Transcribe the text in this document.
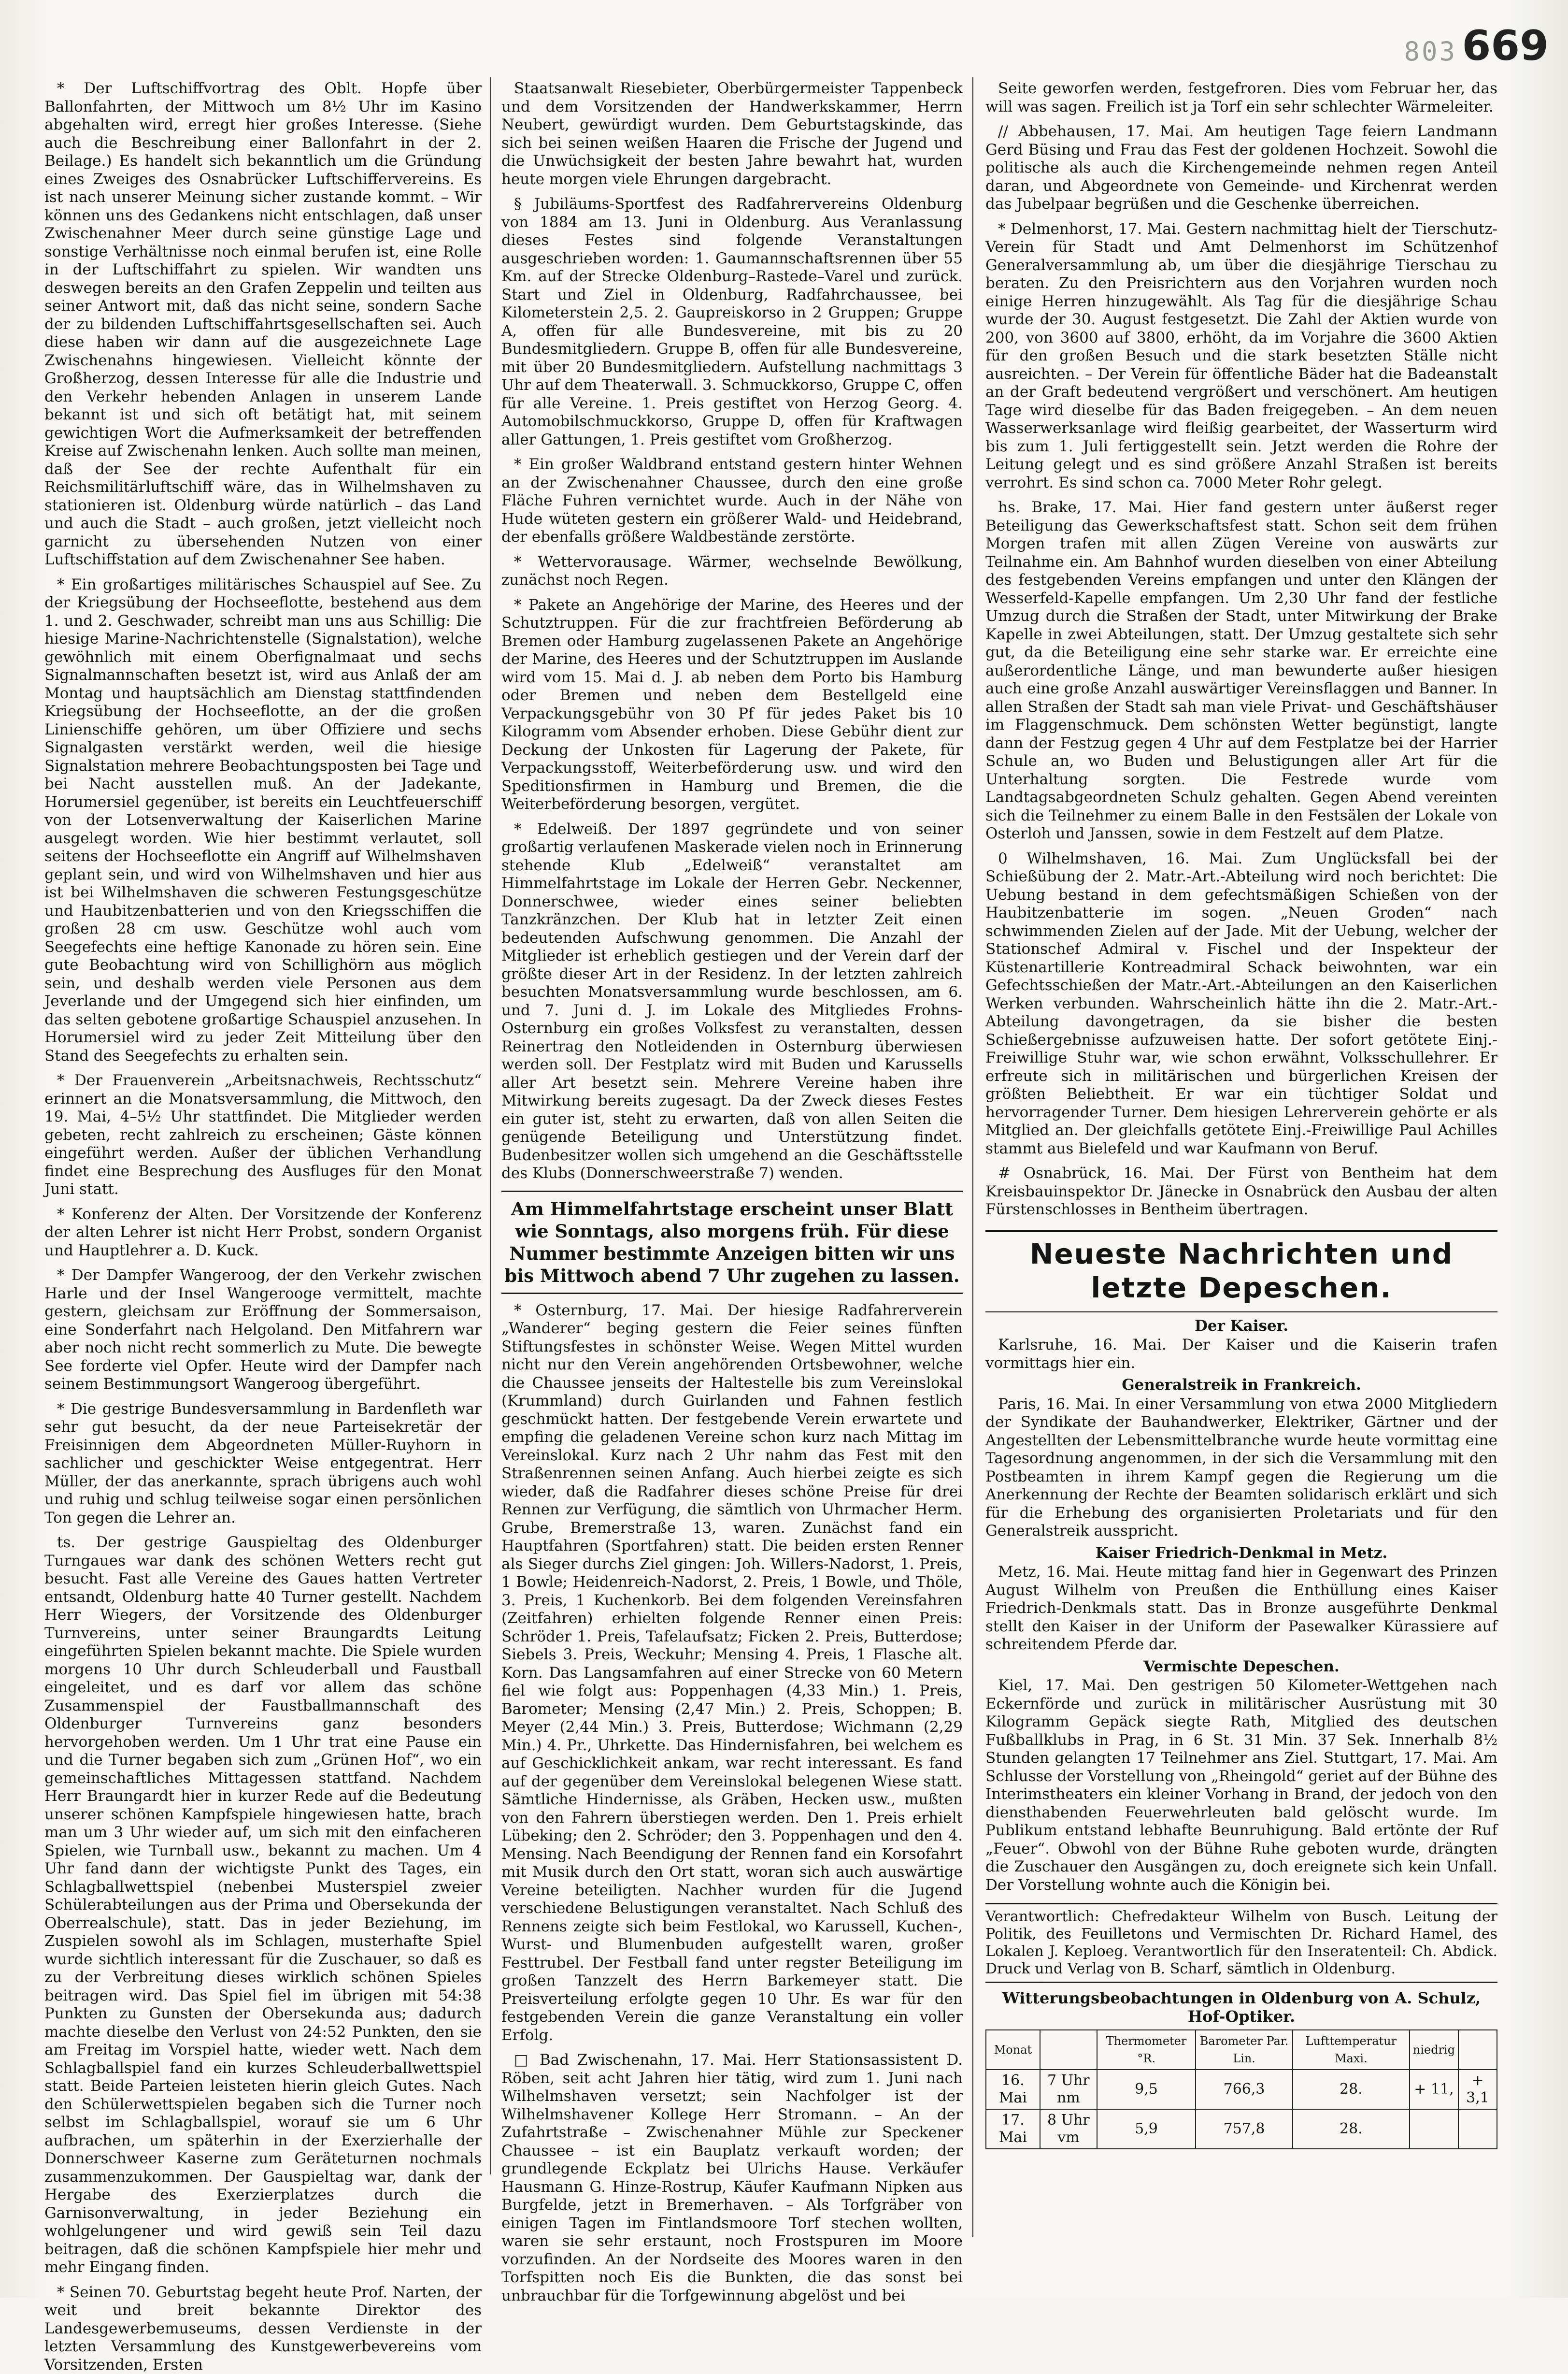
803 669

* Der Luftschiffvortrag des Oblt. Hopfe über Ballonfahrten, der Mittwoch um 8½ Uhr im Kasino abgehalten wird, erregt hier großes Interesse. (Siehe auch die Beschreibung einer Ballonfahrt in der 2. Beilage.) Es handelt sich bekanntlich um die Gründung eines Zweiges des Osnabrücker Luftschiffervereins. Es ist nach unserer Meinung sicher zustande kommt. – Wir können uns des Gedankens nicht entschlagen, daß unser Zwischenahner Meer durch seine günstige Lage und sonstige Verhältnisse noch einmal berufen ist, eine Rolle in der Luftschiffahrt zu spielen. Wir wandten uns deswegen bereits an den Grafen Zeppelin und teilten aus seiner Antwort mit, daß das nicht seine, sondern Sache der zu bildenden Luftschiffahrtsgesellschaften sei. Auch diese haben wir dann auf die ausgezeichnete Lage Zwischenahns hingewiesen. Vielleicht könnte der Großherzog, dessen Interesse für alle die Industrie und den Verkehr hebenden Anlagen in unserem Lande bekannt ist und sich oft betätigt hat, mit seinem gewichtigen Wort die Aufmerksamkeit der betreffenden Kreise auf Zwischenahn lenken. Auch sollte man meinen, daß der See der rechte Aufenthalt für ein Reichsmilitärluftschiff wäre, das in Wilhelmshaven zu stationieren ist. Oldenburg würde natürlich – das Land und auch die Stadt – auch großen, jetzt vielleicht noch garnicht zu übersehenden Nutzen von einer Luftschiffstation auf dem Zwischenahner See haben.

* Ein großartiges militärisches Schauspiel auf See. Zu der Kriegsübung der Hochseeflotte, bestehend aus dem 1. und 2. Geschwader, schreibt man uns aus Schillig: Die hiesige Marine-Nachrichtenstelle (Signalstation), welche gewöhnlich mit einem Oberfignalmaat und sechs Signalmannschaften besetzt ist, wird aus Anlaß der am Montag und hauptsächlich am Dienstag stattfindenden Kriegsübung der Hochseeflotte, an der die großen Linienschiffe gehören, um über Offiziere und sechs Signalgasten verstärkt werden, weil die hiesige Signalstation mehrere Beobachtungsposten bei Tage und bei Nacht ausstellen muß. An der Jadekante, Horumersiel gegenüber, ist bereits ein Leuchtfeuerschiff von der Lotsenverwaltung der Kaiserlichen Marine ausgelegt worden. Wie hier bestimmt verlautet, soll seitens der Hochseeflotte ein Angriff auf Wilhelmshaven geplant sein, und wird von Wilhelmshaven und hier aus ist bei Wilhelmshaven die schweren Festungsgeschütze und Haubitzenbatterien und von den Kriegsschiffen die großen 28 cm usw. Geschütze wohl auch vom Seegefechts eine heftige Kanonade zu hören sein. Eine gute Beobachtung wird von Schillighörn aus möglich sein, und deshalb werden viele Personen aus dem Jeverlande und der Umgegend sich hier einfinden, um das selten gebotene großartige Schauspiel anzusehen. In Horumersiel wird zu jeder Zeit Mitteilung über den Stand des Seegefechts zu erhalten sein.

* Der Frauenverein „Arbeitsnachweis, Rechtsschutz“ erinnert an die Monatsversammlung, die Mittwoch, den 19. Mai, 4–5½ Uhr stattfindet. Die Mitglieder werden gebeten, recht zahlreich zu erscheinen; Gäste können eingeführt werden. Außer der üblichen Verhandlung findet eine Besprechung des Ausfluges für den Monat Juni statt.

* Konferenz der Alten. Der Vorsitzende der Konferenz der alten Lehrer ist nicht Herr Probst, sondern Organist und Hauptlehrer a. D. Kuck.

* Der Dampfer Wangeroog, der den Verkehr zwischen Harle und der Insel Wangerooge vermittelt, machte gestern, gleichsam zur Eröffnung der Sommersaison, eine Sonderfahrt nach Helgoland. Den Mitfahrern war aber noch nicht recht sommerlich zu Mute. Die bewegte See forderte viel Opfer. Heute wird der Dampfer nach seinem Bestimmungsort Wangeroog übergeführt.

* Die gestrige Bundesversammlung in Bardenfleth war sehr gut besucht, da der neue Parteisekretär der Freisinnigen dem Abgeordneten Müller-Ruyhorn in sachlicher und geschickter Weise entgegentrat. Herr Müller, der das anerkannte, sprach übrigens auch wohl und ruhig und schlug teilweise sogar einen persönlichen Ton gegen die Lehrer an.

ts. Der gestrige Gauspieltag des Oldenburger Turngaues war dank des schönen Wetters recht gut besucht. Fast alle Vereine des Gaues hatten Vertreter entsandt, Oldenburg hatte 40 Turner gestellt. Nachdem Herr Wiegers, der Vorsitzende des Oldenburger Turnvereins, unter seiner Braungardts Leitung eingeführten Spielen bekannt machte. Die Spiele wurden morgens 10 Uhr durch Schleuderball und Faustball eingeleitet, und es darf vor allem das schöne Zusammenspiel der Faustballmannschaft des Oldenburger Turnvereins ganz besonders hervorgehoben werden. Um 1 Uhr trat eine Pause ein und die Turner begaben sich zum „Grünen Hof“, wo ein gemeinschaftliches Mittagessen stattfand. Nachdem Herr Braungardt hier in kurzer Rede auf die Bedeutung unserer schönen Kampfspiele hingewiesen hatte, brach man um 3 Uhr wieder auf, um sich mit den einfacheren Spielen, wie Turnball usw., bekannt zu machen. Um 4 Uhr fand dann der wichtigste Punkt des Tages, ein Schlagballwettspiel (nebenbei Musterspiel zweier Schülerabteilungen aus der Prima und Obersekunda der Oberrealschule), statt. Das in jeder Beziehung, im Zuspielen sowohl als im Schlagen, musterhafte Spiel wurde sichtlich interessant für die Zuschauer, so daß es zu der Verbreitung dieses wirklich schönen Spieles beitragen wird. Das Spiel fiel im übrigen mit 54:38 Punkten zu Gunsten der Obersekunda aus; dadurch machte dieselbe den Verlust von 24:52 Punkten, den sie am Freitag im Vorspiel hatte, wieder wett. Nach dem Schlagballspiel fand ein kurzes Schleuderballwettspiel statt. Beide Parteien leisteten hierin gleich Gutes. Nach den Schülerwettspielen begaben sich die Turner noch selbst im Schlagballspiel, worauf sie um 6 Uhr aufbrachen, um späterhin in der Exerzierhalle der Donnerschweer Kaserne zum Geräteturnen nochmals zusammenzukommen. Der Gauspieltag war, dank der Hergabe des Exerzierplatzes durch die Garnisonverwaltung, in jeder Beziehung ein wohlgelungener und wird gewiß sein Teil dazu beitragen, daß die schönen Kampfspiele hier mehr und mehr Eingang finden.

* Seinen 70. Geburtstag begeht heute Prof. Narten, der weit und breit bekannte Direktor des Landesgewerbemuseums, dessen Verdienste in der letzten Versammlung des Kunstgewerbevereins vom Vorsitzenden, Ersten

Staatsanwalt Riesebieter, Oberbürgermeister Tappenbeck und dem Vorsitzenden der Handwerkskammer, Herrn Neubert, gewürdigt wurden. Dem Geburtstagskinde, das sich bei seinen weißen Haaren die Frische der Jugend und die Unwüchsigkeit der besten Jahre bewahrt hat, wurden heute morgen viele Ehrungen dargebracht.

§ Jubiläums-Sportfest des Radfahrervereins Oldenburg von 1884 am 13. Juni in Oldenburg. Aus Veranlassung dieses Festes sind folgende Veranstaltungen ausgeschrieben worden: 1. Gaumannschaftsrennen über 55 Km. auf der Strecke Oldenburg–Rastede–Varel und zurück. Start und Ziel in Oldenburg, Radfahrchaussee, bei Kilometerstein 2,5. 2. Gaupreiskorso in 2 Gruppen; Gruppe A, offen für alle Bundesvereine, mit bis zu 20 Bundesmitgliedern. Gruppe B, offen für alle Bundesvereine, mit über 20 Bundesmitgliedern. Aufstellung nachmittags 3 Uhr auf dem Theaterwall. 3. Schmuckkorso, Gruppe C, offen für alle Vereine. 1. Preis gestiftet von Herzog Georg. 4. Automobilschmuckkorso, Gruppe D, offen für Kraftwagen aller Gattungen, 1. Preis gestiftet vom Großherzog.

* Ein großer Waldbrand entstand gestern hinter Wehnen an der Zwischenahner Chaussee, durch den eine große Fläche Fuhren vernichtet wurde. Auch in der Nähe von Hude wüteten gestern ein größerer Wald- und Heidebrand, der ebenfalls größere Waldbestände zerstörte.

* Wettervorausage. Wärmer, wechselnde Bewölkung, zunächst noch Regen.

* Pakete an Angehörige der Marine, des Heeres und der Schutztruppen. Für die zur frachtfreien Beförderung ab Bremen oder Hamburg zugelassenen Pakete an Angehörige der Marine, des Heeres und der Schutztruppen im Auslande wird vom 15. Mai d. J. ab neben dem Porto bis Hamburg oder Bremen und neben dem Bestellgeld eine Verpackungsgebühr von 30 Pf für jedes Paket bis 10 Kilogramm vom Absender erhoben. Diese Gebühr dient zur Deckung der Unkosten für Lagerung der Pakete, für Verpackungsstoff, Weiterbeförderung usw. und wird den Speditionsfirmen in Hamburg und Bremen, die die Weiterbeförderung besorgen, vergütet.

* Edelweiß. Der 1897 gegründete und von seiner großartig verlaufenen Maskerade vielen noch in Erinnerung stehende Klub „Edelweiß“ veranstaltet am Himmelfahrtstage im Lokale der Herren Gebr. Neckenner, Donnerschwee, wieder eines seiner beliebten Tanzkränzchen. Der Klub hat in letzter Zeit einen bedeutenden Aufschwung genommen. Die Anzahl der Mitglieder ist erheblich gestiegen und der Verein darf der größte dieser Art in der Residenz. In der letzten zahlreich besuchten Monatsversammlung wurde beschlossen, am 6. und 7. Juni d. J. im Lokale des Mitgliedes Frohns-Osternburg ein großes Volksfest zu veranstalten, dessen Reinertrag den Notleidenden in Osternburg überwiesen werden soll. Der Festplatz wird mit Buden und Karussells aller Art besetzt sein. Mehrere Vereine haben ihre Mitwirkung bereits zugesagt. Da der Zweck dieses Festes ein guter ist, steht zu erwarten, daß von allen Seiten die genügende Beteiligung und Unterstützung findet. Budenbesitzer wollen sich umgehend an die Geschäftsstelle des Klubs (Donnerschweerstraße 7) wenden.

Am Himmelfahrtstage erscheint unser Blatt wie Sonntags, also morgens früh. Für diese Nummer bestimmte Anzeigen bitten wir uns bis Mittwoch abend 7 Uhr zugehen zu lassen.

* Osternburg, 17. Mai. Der hiesige Radfahrerverein „Wanderer“ beging gestern die Feier seines fünften Stiftungsfestes in schönster Weise. Wegen Mittel wurden nicht nur den Verein angehörenden Ortsbewohner, welche die Chaussee jenseits der Haltestelle bis zum Vereinslokal (Krummland) durch Guirlanden und Fahnen festlich geschmückt hatten. Der festgebende Verein erwartete und empfing die geladenen Vereine schon kurz nach Mittag im Vereinslokal. Kurz nach 2 Uhr nahm das Fest mit den Straßenrennen seinen Anfang. Auch hierbei zeigte es sich wieder, daß die Radfahrer dieses schöne Preise für drei Rennen zur Verfügung, die sämtlich von Uhrmacher Herm. Grube, Bremerstraße 13, waren. Zunächst fand ein Hauptfahren (Sportfahren) statt. Die beiden ersten Renner als Sieger durchs Ziel gingen: Joh. Willers-Nadorst, 1. Preis, 1 Bowle; Heidenreich-Nadorst, 2. Preis, 1 Bowle, und Thöle, 3. Preis, 1 Kuchenkorb. Bei dem folgenden Vereinsfahren (Zeitfahren) erhielten folgende Renner einen Preis: Schröder 1. Preis, Tafelaufsatz; Ficken 2. Preis, Butterdose; Siebels 3. Preis, Weckuhr; Mensing 4. Preis, 1 Flasche alt. Korn. Das Langsamfahren auf einer Strecke von 60 Metern fiel wie folgt aus: Poppenhagen (4,33 Min.) 1. Preis, Barometer; Mensing (2,47 Min.) 2. Preis, Schoppen; B. Meyer (2,44 Min.) 3. Preis, Butterdose; Wichmann (2,29 Min.) 4. Pr., Uhrkette. Das Hindernisfahren, bei welchem es auf Geschicklichkeit ankam, war recht interessant. Es fand auf der gegenüber dem Vereinslokal belegenen Wiese statt. Sämtliche Hindernisse, als Gräben, Hecken usw., mußten von den Fahrern überstiegen werden. Den 1. Preis erhielt Lübeking; den 2. Schröder; den 3. Poppenhagen und den 4. Mensing. Nach Beendigung der Rennen fand ein Korsofahrt mit Musik durch den Ort statt, woran sich auch auswärtige Vereine beteiligten. Nachher wurden für die Jugend verschiedene Belustigungen veranstaltet. Nach Schluß des Rennens zeigte sich beim Festlokal, wo Karussell, Kuchen-, Wurst- und Blumenbuden aufgestellt waren, großer Festtrubel. Der Festball fand unter regster Beteiligung im großen Tanzzelt des Herrn Barkemeyer statt. Die Preisverteilung erfolgte gegen 10 Uhr. Es war für den festgebenden Verein die ganze Veranstaltung ein voller Erfolg.

□ Bad Zwischenahn, 17. Mai. Herr Stationsassistent D. Röben, seit acht Jahren hier tätig, wird zum 1. Juni nach Wilhelmshaven versetzt; sein Nachfolger ist der Wilhelmshavener Kollege Herr Stromann. – An der Zufahrtstraße – Zwischenahner Mühle zur Speckener Chaussee – ist ein Bauplatz verkauft worden; der grundlegende Eckplatz bei Ulrichs Hause. Verkäufer Hausmann G. Hinze-Rostrup, Käufer Kaufmann Nipken aus Burgfelde, jetzt in Bremerhaven. – Als Torfgräber von einigen Tagen im Fintlandsmoore Torf stechen wollten, waren sie sehr erstaunt, noch Frostspuren im Moore vorzufinden. An der Nordseite des Moores waren in den Torfspitten noch Eis die Bunkten, die das sonst bei unbrauchbar für die Torfgewinnung abgelöst und bei

Seite geworfen werden, festgefroren. Dies vom Februar her, das will was sagen. Freilich ist ja Torf ein sehr schlechter Wärmeleiter.

// Abbehausen, 17. Mai. Am heutigen Tage feiern Landmann Gerd Büsing und Frau das Fest der goldenen Hochzeit. Sowohl die politische als auch die Kirchengemeinde nehmen regen Anteil daran, und Abgeordnete von Gemeinde- und Kirchenrat werden das Jubelpaar begrüßen und die Geschenke überreichen.

* Delmenhorst, 17. Mai. Gestern nachmittag hielt der Tierschutz-Verein für Stadt und Amt Delmenhorst im Schützenhof Generalversammlung ab, um über die diesjährige Tierschau zu beraten. Zu den Preisrichtern aus den Vorjahren wurden noch einige Herren hinzugewählt. Als Tag für die diesjährige Schau wurde der 30. August festgesetzt. Die Zahl der Aktien wurde von 200, von 3600 auf 3800, erhöht, da im Vorjahre die 3600 Aktien für den großen Besuch und die stark besetzten Ställe nicht ausreichten. – Der Verein für öffentliche Bäder hat die Badeanstalt an der Graft bedeutend vergrößert und verschönert. Am heutigen Tage wird dieselbe für das Baden freigegeben. – An dem neuen Wasserwerksanlage wird fleißig gearbeitet, der Wasserturm wird bis zum 1. Juli fertiggestellt sein. Jetzt werden die Rohre der Leitung gelegt und es sind größere Anzahl Straßen ist bereits verrohrt. Es sind schon ca. 7000 Meter Rohr gelegt.

hs. Brake, 17. Mai. Hier fand gestern unter äußerst reger Beteiligung das Gewerkschaftsfest statt. Schon seit dem frühen Morgen trafen mit allen Zügen Vereine von auswärts zur Teilnahme ein. Am Bahnhof wurden dieselben von einer Abteilung des festgebenden Vereins empfangen und unter den Klängen der Wesserfeld-Kapelle empfangen. Um 2,30 Uhr fand der festliche Umzug durch die Straßen der Stadt, unter Mitwirkung der Brake Kapelle in zwei Abteilungen, statt. Der Umzug gestaltete sich sehr gut, da die Beteiligung eine sehr starke war. Er erreichte eine außerordentliche Länge, und man bewunderte außer hiesigen auch eine große Anzahl auswärtiger Vereinsflaggen und Banner. In allen Straßen der Stadt sah man viele Privat- und Geschäftshäuser im Flaggenschmuck. Dem schönsten Wetter begünstigt, langte dann der Festzug gegen 4 Uhr auf dem Festplatze bei der Harrier Schule an, wo Buden und Belustigungen aller Art für die Unterhaltung sorgten. Die Festrede wurde vom Landtagsabgeordneten Schulz gehalten. Gegen Abend vereinten sich die Teilnehmer zu einem Balle in den Festsälen der Lokale von Osterloh und Janssen, sowie in dem Festzelt auf dem Platze.

0 Wilhelmshaven, 16. Mai. Zum Unglücksfall bei der Schießübung der 2. Matr.-Art.-Abteilung wird noch berichtet: Die Uebung bestand in dem gefechtsmäßigen Schießen von der Haubitzenbatterie im sogen. „Neuen Groden“ nach schwimmenden Zielen auf der Jade. Mit der Uebung, welcher der Stationschef Admiral v. Fischel und der Inspekteur der Küstenartillerie Kontreadmiral Schack beiwohnten, war ein Gefechtsschießen der Matr.-Art.-Abteilungen an den Kaiserlichen Werken verbunden. Wahrscheinlich hätte ihn die 2. Matr.-Art.-Abteilung davongetragen, da sie bisher die besten Schießergebnisse aufzuweisen hatte. Der sofort getötete Einj.-Freiwillige Stuhr war, wie schon erwähnt, Volksschullehrer. Er erfreute sich in militärischen und bürgerlichen Kreisen der größten Beliebtheit. Er war ein tüchtiger Soldat und hervorragender Turner. Dem hiesigen Lehrerverein gehörte er als Mitglied an. Der gleichfalls getötete Einj.-Freiwillige Paul Achilles stammt aus Bielefeld und war Kaufmann von Beruf.

# Osnabrück, 16. Mai. Der Fürst von Bentheim hat dem Kreisbauinspektor Dr. Jänecke in Osnabrück den Ausbau der alten Fürstenschlosses in Bentheim übertragen.

Neueste Nachrichten und letzte Depeschen.
Der Kaiser.

Karlsruhe, 16. Mai. Der Kaiser und die Kaiserin trafen vormittags hier ein.

Generalstreik in Frankreich.

Paris, 16. Mai. In einer Versammlung von etwa 2000 Mitgliedern der Syndikate der Bauhandwerker, Elektriker, Gärtner und der Angestellten der Lebensmittelbranche wurde heute vormittag eine Tagesordnung angenommen, in der sich die Versammlung mit den Postbeamten in ihrem Kampf gegen die Regierung um die Anerkennung der Rechte der Beamten solidarisch erklärt und sich für die Erhebung des organisierten Proletariats und für den Generalstreik ausspricht.

Kaiser Friedrich-Denkmal in Metz.

Metz, 16. Mai. Heute mittag fand hier in Gegenwart des Prinzen August Wilhelm von Preußen die Enthüllung eines Kaiser Friedrich-Denkmals statt. Das in Bronze ausgeführte Denkmal stellt den Kaiser in der Uniform der Pasewalker Kürassiere auf schreitendem Pferde dar.

Vermischte Depeschen.

Kiel, 17. Mai. Den gestrigen 50 Kilometer-Wettgehen nach Eckernförde und zurück in militärischer Ausrüstung mit 30 Kilogramm Gepäck siegte Rath, Mitglied des deutschen Fußballklubs in Prag, in 6 St. 31 Min. 37 Sek. Innerhalb 8½ Stunden gelangten 17 Teilnehmer ans Ziel. Stuttgart, 17. Mai. Am Schlusse der Vorstellung von „Rheingold“ geriet auf der Bühne des Interimstheaters ein kleiner Vorhang in Brand, der jedoch von den diensthabenden Feuerwehrleuten bald gelöscht wurde. Im Publikum entstand lebhafte Beunruhigung. Bald ertönte der Ruf „Feuer“. Obwohl von der Bühne Ruhe geboten wurde, drängten die Zuschauer den Ausgängen zu, doch ereignete sich kein Unfall. Der Vorstellung wohnte auch die Königin bei.

Verantwortlich: Chefredakteur Wilhelm von Busch. Leitung der Politik, des Feuilletons und Vermischten Dr. Richard Hamel, des Lokalen J. Keploeg. Verantwortlich für den Inseratenteil: Ch. Abdick. Druck und Verlag von B. Scharf, sämtlich in Oldenburg.
Witterungsbeobachtungen in Oldenburg von A. Schulz, Hof-Optiker.
Monat		Thermometer °R.	Barometer Par. Lin.	Lufttemperatur Maxi.	niedrig	
16. Mai	7 Uhr nm	9,5	766,3	28.	+ 11,	+ 3,1
17. Mai	8 Uhr vm	5,9	757,8	28.		
